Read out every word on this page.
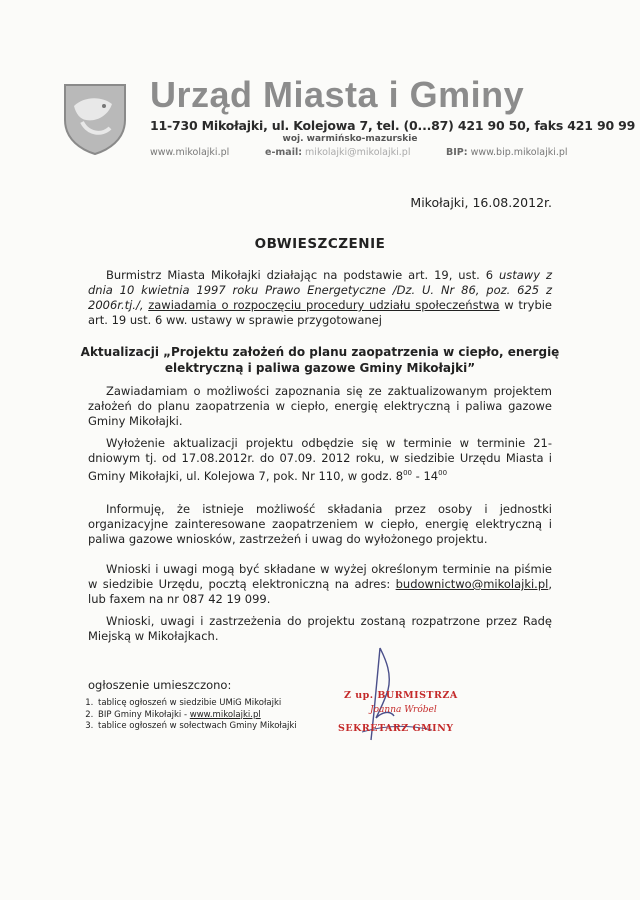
Urząd Miasta i Gminy
11-730 Mikołajki, ul. Kolejowa 7, tel. (0...87) 421 90 50, faks 421 90 99
woj. warmińsko-mazurskie
www.mikolajki.pl	e-mail: mikolajki@mikolajki.pl	BIP: www.bip.mikolajki.pl
Mikołajki, 16.08.2012r.
OBWIESZCZENIE
Burmistrz Miasta Mikołajki działając na podstawie art. 19, ust. 6 ustawy z dnia 10 kwietnia 1997 roku Prawo Energetyczne /Dz. U. Nr 86, poz. 625 z 2006r.tj./, zawiadamia o rozpoczęciu procedury udziału społeczeństwa w trybie art. 19 ust. 6 ww. ustawy w sprawie przygotowanej
Aktualizacji „Projektu założeń do planu zaopatrzenia w ciepło, energię elektryczną i paliwa gazowe Gminy Mikołajki”
Zawiadamiam o możliwości zapoznania się ze zaktualizowanym projektem założeń do planu zaopatrzenia w ciepło, energię elektryczną i paliwa gazowe Gminy Mikołajki.
Wyłożenie aktualizacji projektu odbędzie się w terminie w terminie 21-dniowym tj. od 17.08.2012r. do 07.09. 2012 roku, w siedzibie Urzędu Miasta i Gminy Mikołajki, ul. Kolejowa 7, pok. Nr 110, w godz. $8^{00} - 14^{00}$
Informuję, że istnieje możliwość składania przez osoby i jednostki organizacyjne zainteresowane zaopatrzeniem w ciepło, energię elektryczną i paliwa gazowe wniosków, zastrzeżeń i uwag do wyłożonego projektu.
Wnioski i uwagi mogą być składane w wyżej określonym terminie na piśmie w siedzibie Urzędu, pocztą elektroniczną na adres: budownictwo@mikolajki.pl, lub faxem na nr 087 42 19 099.
Wnioski, uwagi i zastrzeżenia do projektu zostaną rozpatrzone przez Radę Miejską w Mikołajkach.
ogłoszenie umieszczono:
1. tablicę ogłoszeń w siedzibie UMiG Mikołajki
2. BIP Gminy Mikołajki - www.mikolajki.pl
3. tablice ogłoszeń w sołectwach Gminy Mikołajki
Z up. BURMISTRZA
Joanna Wróbel
SEKRETARZ GMINY
